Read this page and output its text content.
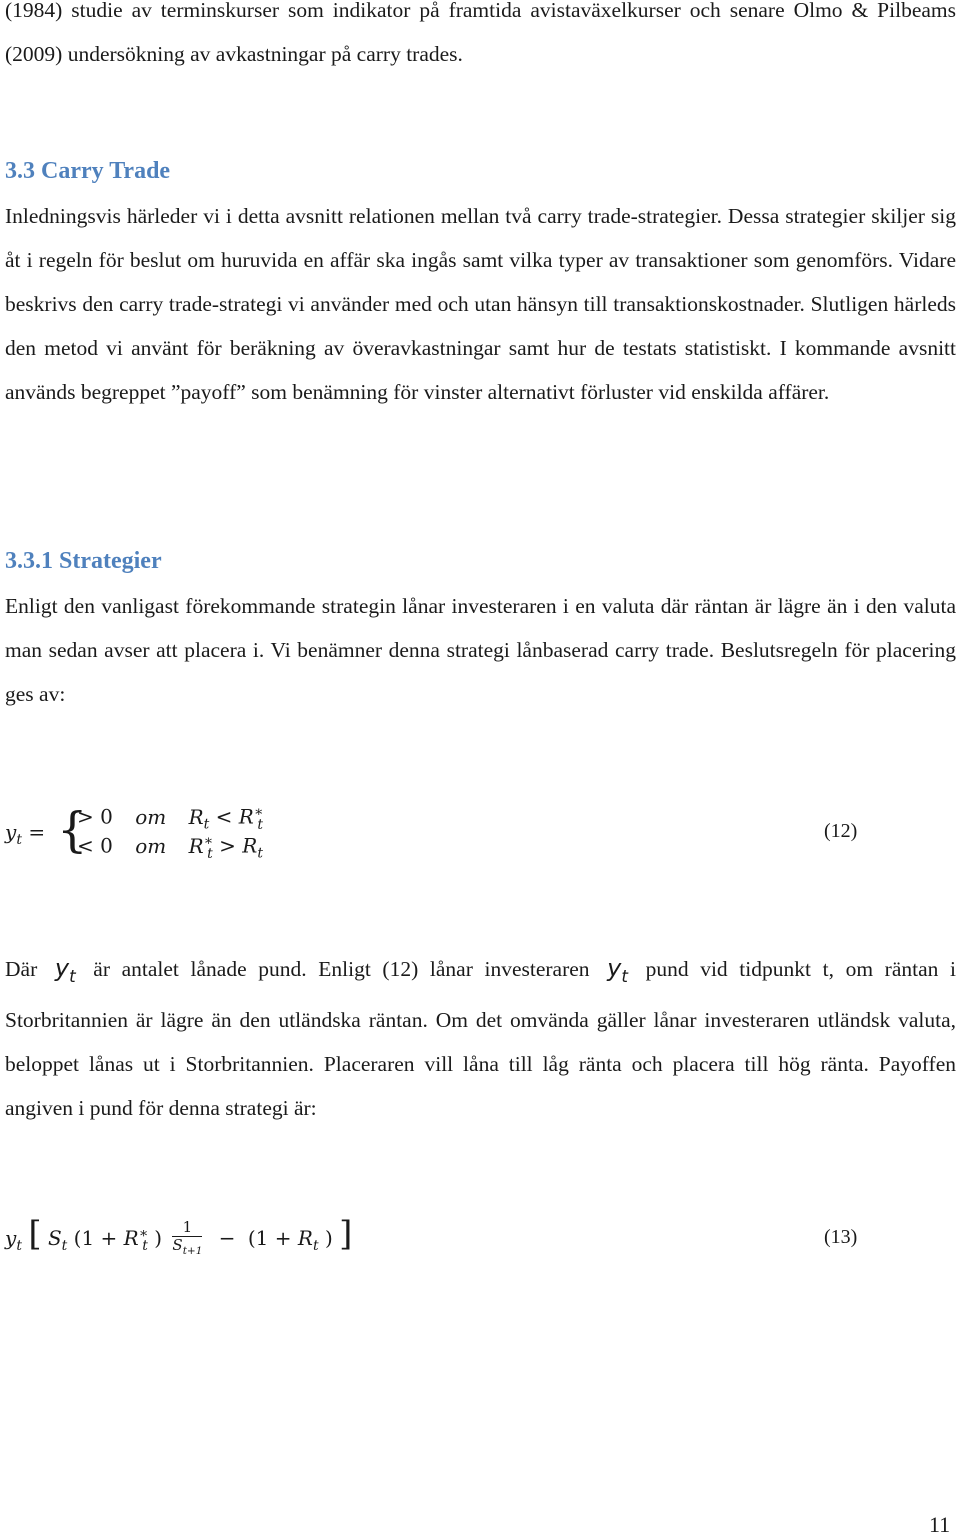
(1984) studie av terminskurser som indikator på framtida avistaväxelkurser och senare Olmo & Pilbeams (2009) undersökning av avkastningar på carry trades.

3.3 Carry Trade

Inledningsvis härleder vi i detta avsnitt relationen mellan två carry trade-strategier. Dessa strategier skiljer sig åt i regeln för beslut om huruvida en affär ska ingås samt vilka typer av transaktioner som genomförs. Vidare beskrivs den carry trade-strategi vi använder med och utan hänsyn till transaktionskostnader. Slutligen härleds den metod vi använt för beräkning av överavkastningar samt hur de testats statistiskt. I kommande avsnitt används begreppet ”payoff” som benämning för vinster alternativt förluster vid enskilda affärer.

3.3.1 Strategier

Enligt den vanligast förekommande strategin lånar investeraren i en valuta där räntan är lägre än i den valuta man sedan avser att placera i. Vi benämner denna strategi lånbaserad carry trade. Beslutsregeln för placering ges av:

$y_t$ = {
> 0 om $R_t < R^∗_t$
< 0 om $R^∗_t > R_t$
(12)

Där $y_t$ är antalet lånade pund. Enligt (12) lånar investeraren $y_t$ pund vid tidpunkt t, om räntan i Storbritannien är lägre än den utländska räntan. Om det omvända gäller lånar investeraren utländsk valuta, beloppet lånas ut i Storbritannien. Placeraren vill låna till låg ränta och placera till hög ränta. Payoffen angiven i pund för denna strategi är:

$y_t$ [ $S_t$ ($1 + R^∗_t$ ) $\frac{1}{S_{t+1}} - (1 + R_t$ ) ]	(13)
11
